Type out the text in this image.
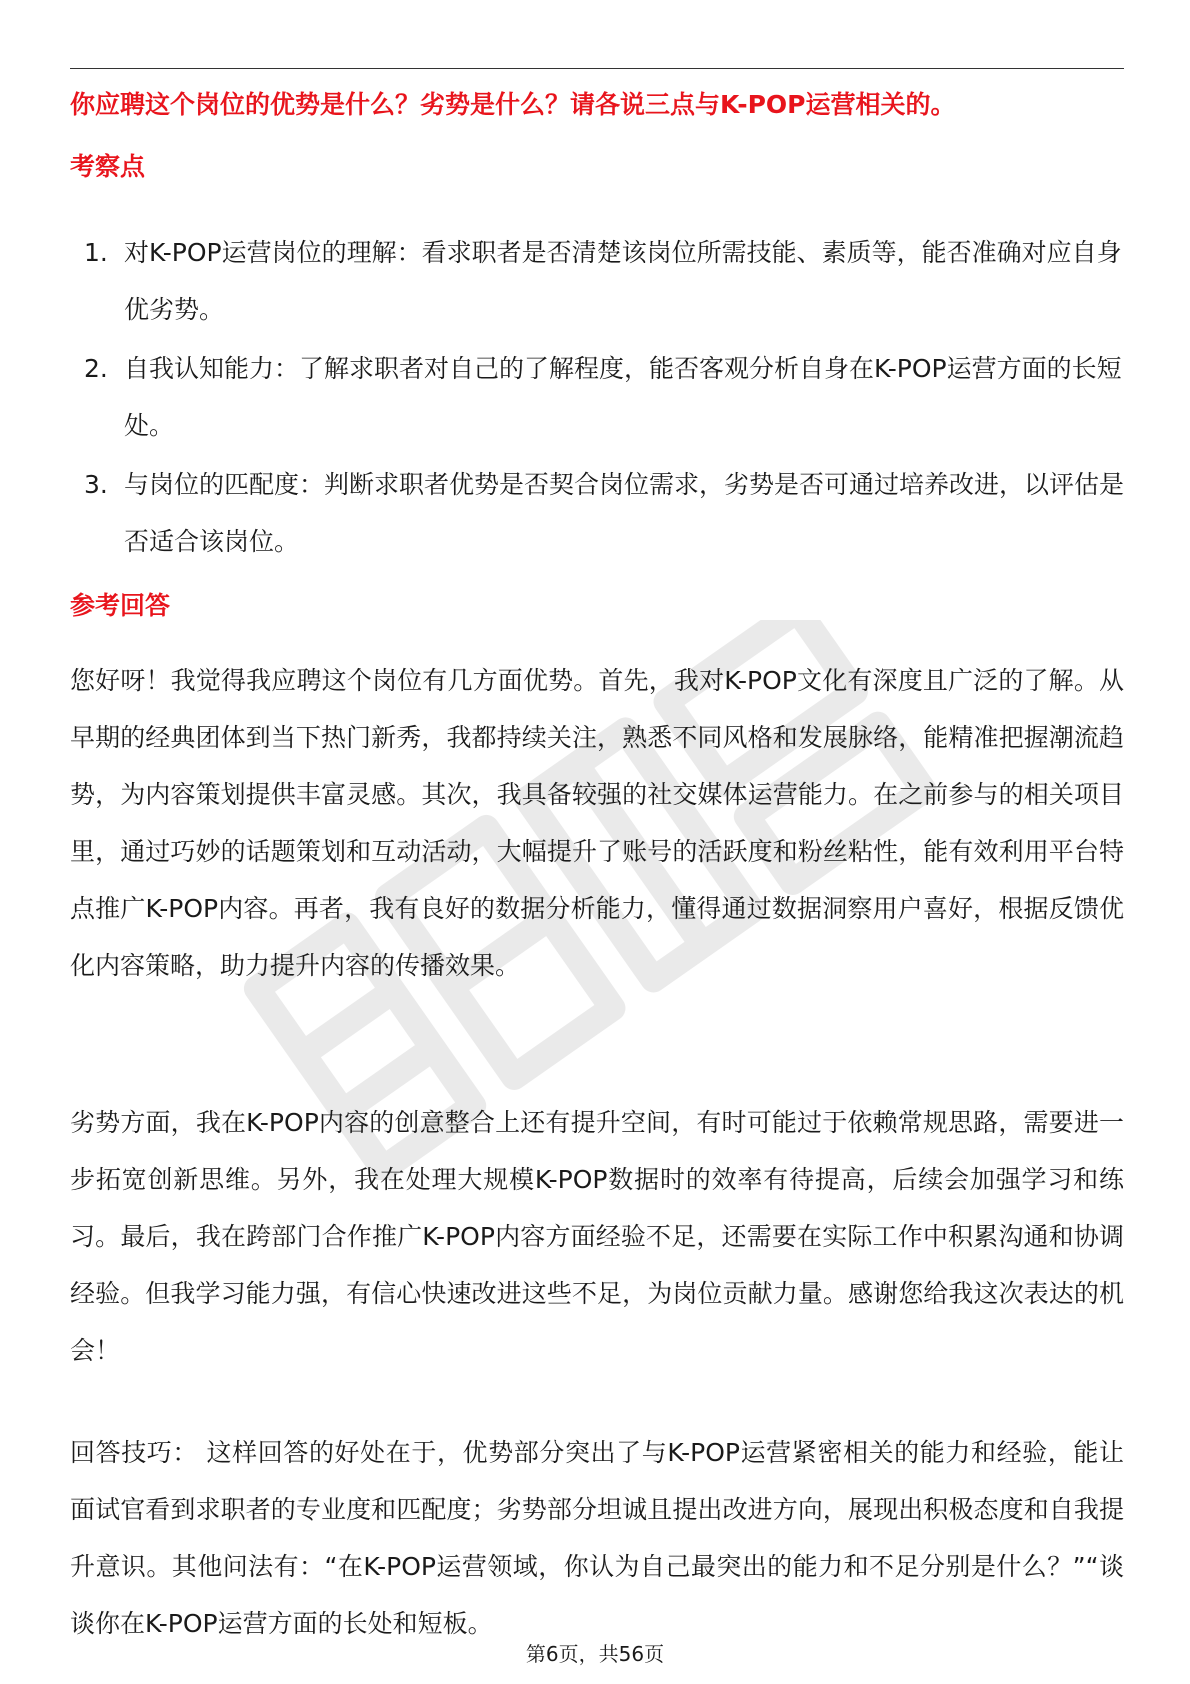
你应聘这个岗位的优势是什么？劣势是什么？请各说三点与K-POP运营相关的。
考察点
1. 对K-POP运营岗位的理解：看求职者是否清楚该岗位所需技能、素质等，能否准确对应自身优劣势。
2. 自我认知能力：了解求职者对自己的了解程度，能否客观分析自身在K-POP运营方面的长短处。
3. 与岗位的匹配度：判断求职者优势是否契合岗位需求，劣势是否可通过培养改进，以评估是否适合该岗位。
参考回答

您好呀！我觉得我应聘这个岗位有几方面优势。首先，我对K-POP文化有深度且广泛的了解。从早期的经典团体到当下热门新秀，我都持续关注，熟悉不同风格和发展脉络，能精准把握潮流趋势，为内容策划提供丰富灵感。其次，我具备较强的社交媒体运营能力。在之前参与的相关项目里，通过巧妙的话题策划和互动活动，大幅提升了账号的活跃度和粉丝粘性，能有效利用平台特点推广K-POP内容。再者，我有良好的数据分析能力，懂得通过数据洞察用户喜好，根据反馈优化内容策略，助力提升内容的传播效果。

劣势方面，我在K-POP内容的创意整合上还有提升空间，有时可能过于依赖常规思路，需要进一步拓宽创新思维。另外，我在处理大规模K-POP数据时的效率有待提高，后续会加强学习和练习。最后，我在跨部门合作推广K-POP内容方面经验不足，还需要在实际工作中积累沟通和协调经验。但我学习能力强，有信心快速改进这些不足，为岗位贡献力量。感谢您给我这次表达的机会！

回答技巧： 这样回答的好处在于，优势部分突出了与K-POP运营紧密相关的能力和经验，能让面试官看到求职者的专业度和匹配度；劣势部分坦诚且提出改进方向，展现出积极态度和自我提升意识。其他问法有：“在K-POP运营领域，你认为自己最突出的能力和不足分别是什么？”“谈谈你在K-POP运营方面的长处和短板。

第6页，共56页
